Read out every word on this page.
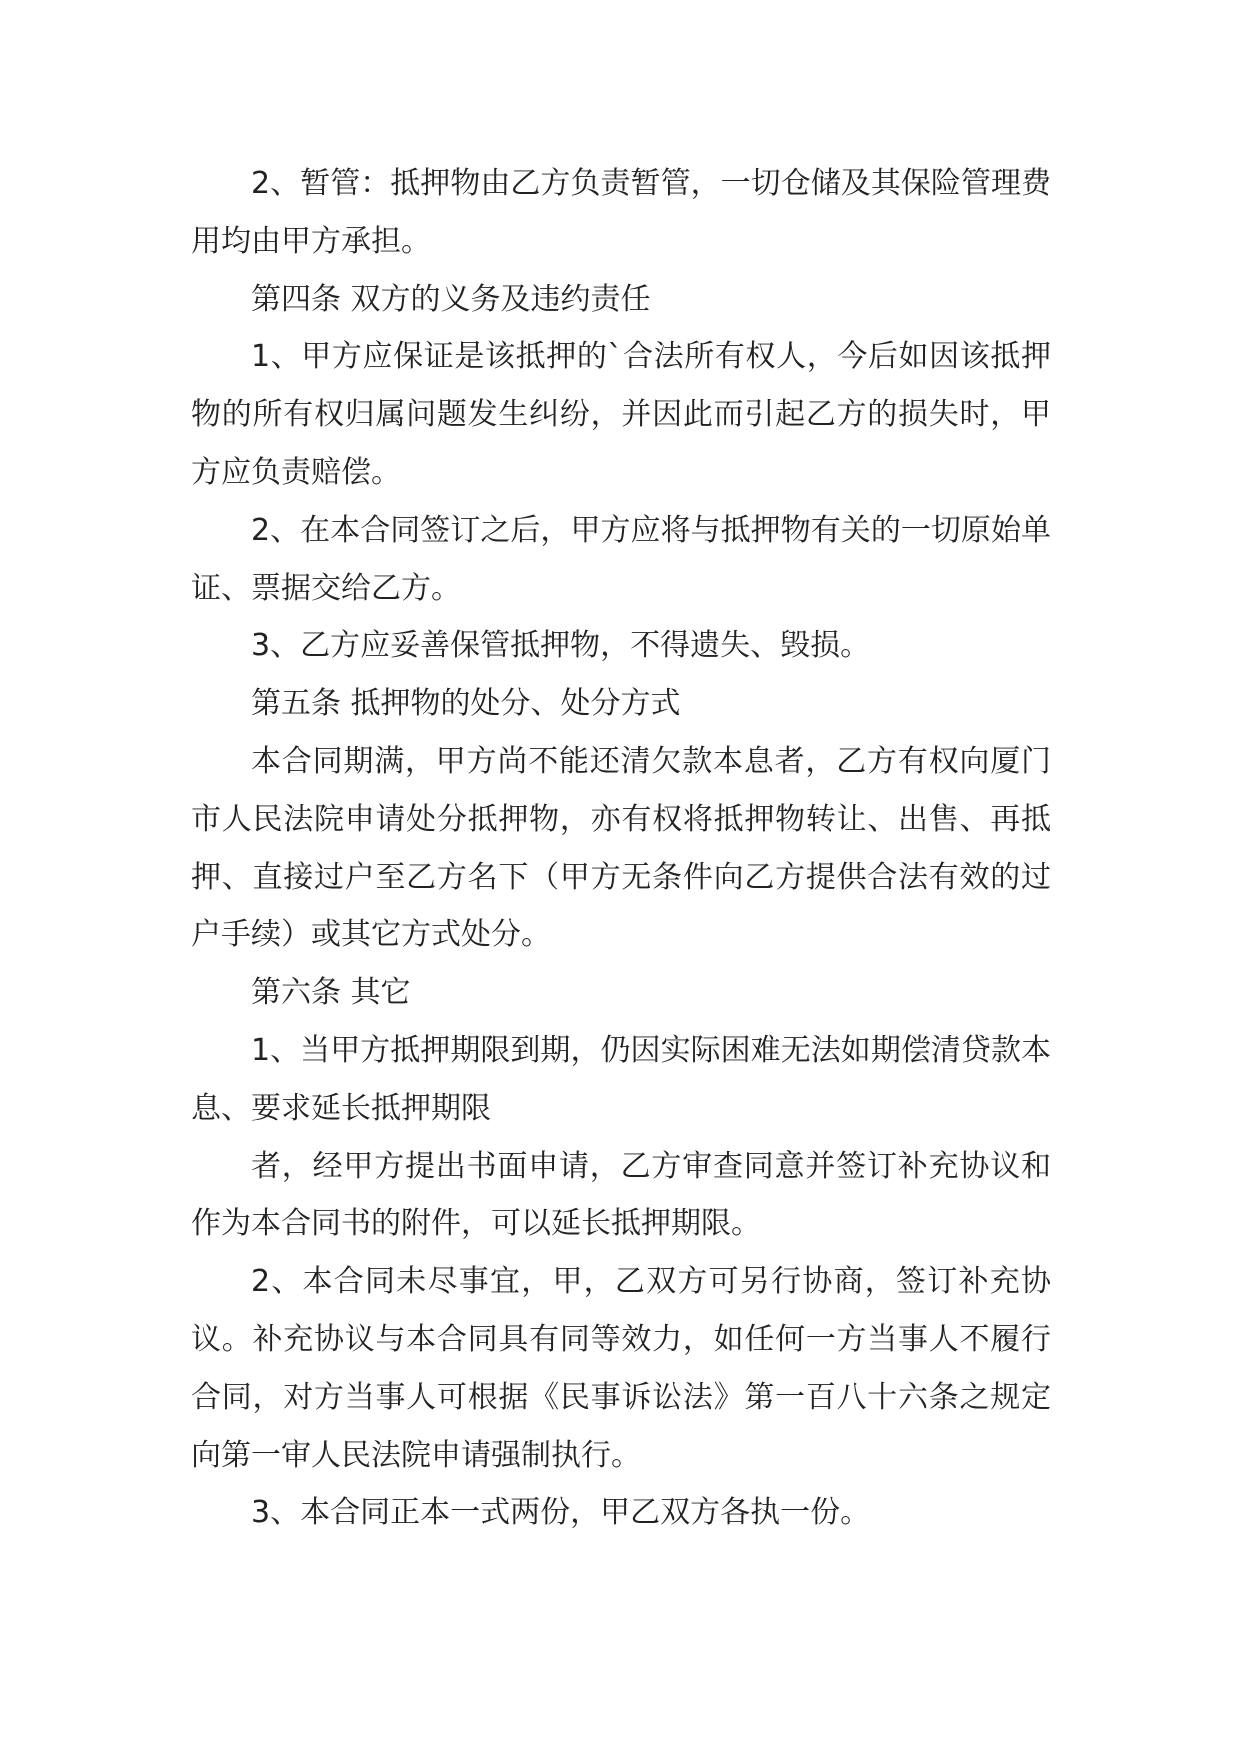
2、暂管：抵押物由乙方负责暂管，一切仓储及其保险管理费用均由甲方承担。

第四条 双方的义务及违约责任

1、甲方应保证是该抵押的`合法所有权人，今后如因该抵押物的所有权归属问题发生纠纷，并因此而引起乙方的损失时，甲方应负责赔偿。

2、在本合同签订之后，甲方应将与抵押物有关的一切原始单证、票据交给乙方。

3、乙方应妥善保管抵押物，不得遗失、毁损。

第五条 抵押物的处分、处分方式

本合同期满，甲方尚不能还清欠款本息者，乙方有权向厦门市人民法院申请处分抵押物，亦有权将抵押物转让、出售、再抵押、直接过户至乙方名下（甲方无条件向乙方提供合法有效的过户手续）或其它方式处分。

第六条 其它

1、当甲方抵押期限到期，仍因实际困难无法如期偿清贷款本息、要求延长抵押期限

者，经甲方提出书面申请，乙方审查同意并签订补充协议和作为本合同书的附件，可以延长抵押期限。

2、本合同未尽事宜，甲，乙双方可另行协商，签订补充协议。补充协议与本合同具有同等效力，如任何一方当事人不履行合同，对方当事人可根据《民事诉讼法》第一百八十六条之规定向第一审人民法院申请强制执行。

3、本合同正本一式两份，甲乙双方各执一份。
